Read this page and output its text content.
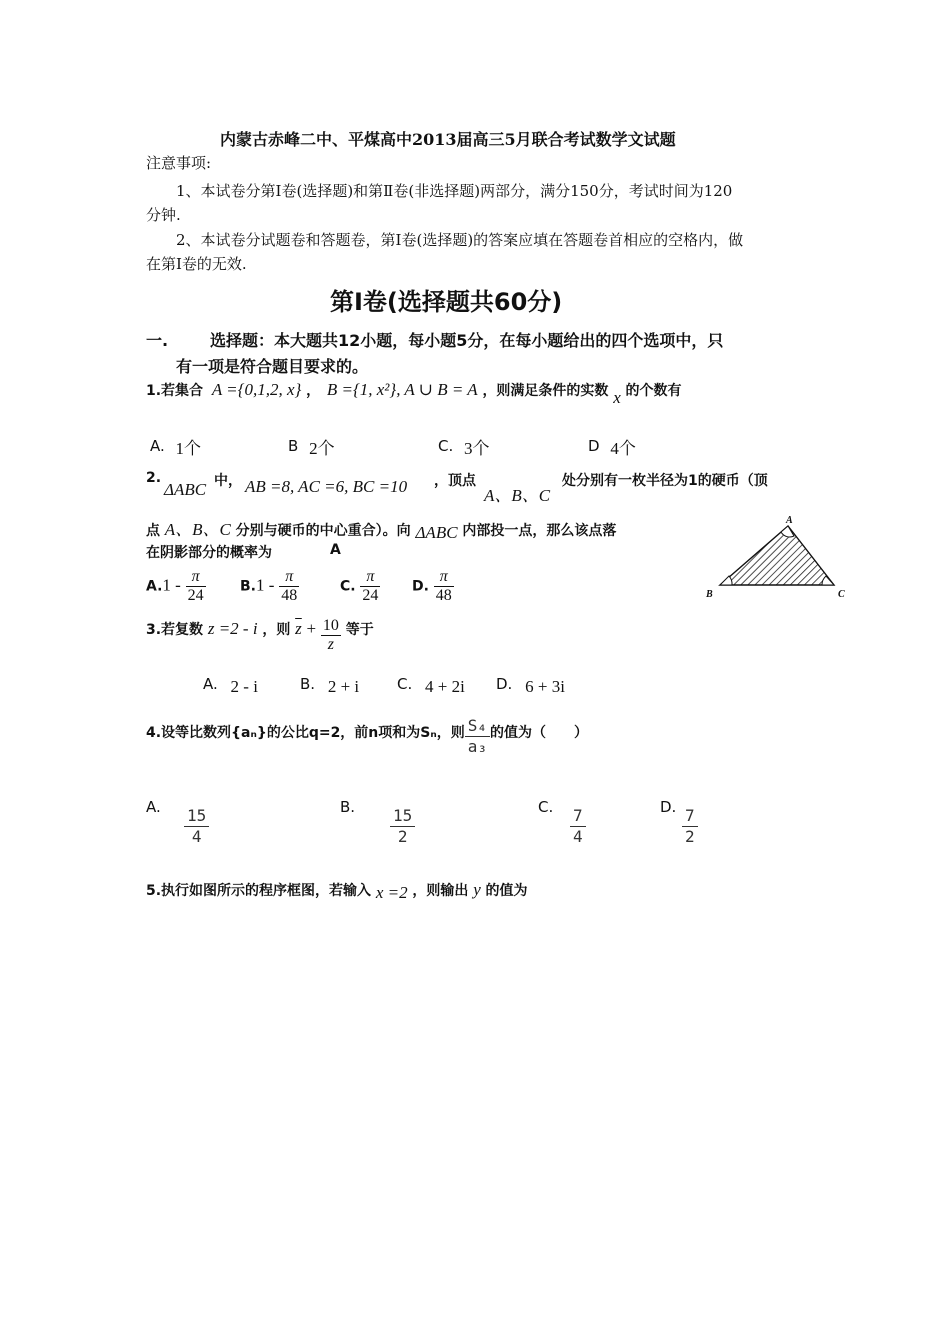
内蒙古赤峰二中、平煤高中2013届高三5月联合考试数学文试题
注意事项:
1、本试卷分第Ⅰ卷(选择题)和第Ⅱ卷(非选择题)两部分，满分150分，考试时间为120
分钟.
2、本试卷分试题卷和答题卷，第Ⅰ卷(选择题)的答案应填在答题卷首相应的空格内，做
在第Ⅰ卷的无效.
第Ⅰ卷(选择题共60分)
一.	选择题：本大题共12小题，每小题5分，在每小题给出的四个选项中，只
有一项是符合题目要求的。
1.若集合 A ={0,1,2, x} ， B ={1, x²}, A ∪ B = A ，则满足条件的实数 x 的个数有
A. 1个	B 2个	C. 3个	D 4个
2.
ΔABC 中， AB =8, AC =6, BC =10 ，顶点
A、B、C
处分别有一枚半径为1的硬币（顶
点 A、B、C 分别与硬币的中心重合）。向 ΔABC 内部投一点，那么该点落
在阴影部分的概率为	A
$A.1 - \frac{\pi}{24} B.1 - \frac{\pi}{48}$	C. $\frac{\pi}{24} D$. $\frac{\pi}{48}$
A
B	C
3.若复数 z =2 - i ，则 $\overline{z} + \frac{10}{z}$ 等于
A. 2 - i	B. 2 + i	C. 4 + 2i D. 6 + 3i
4.设等比数列{aₙ}的公比q=2，前n项和为Sₙ，则 $\frac{\text{S₄}}{\text{a₃}}$ 的值为（　　）
A. $\frac{15}{4}$	B. $\frac{15}{2}$	C. $\frac{7}{4}$	D. $\frac{7}{2}$
5.执行如图所示的程序框图，若输入 x =2 ，则输出 y 的值为
